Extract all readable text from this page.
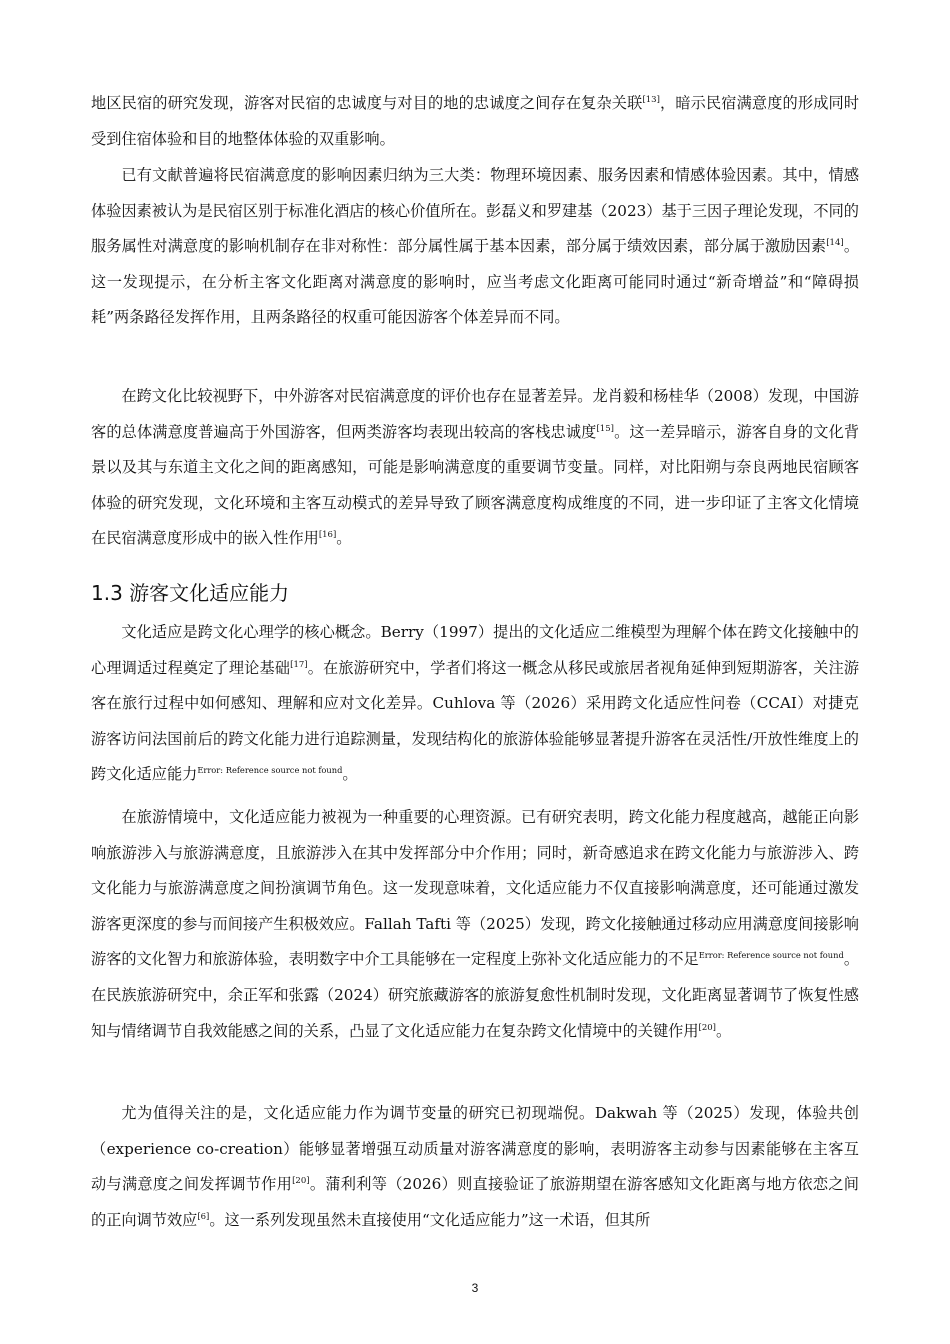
地区民宿的研究发现，游客对民宿的忠诚度与对目的地的忠诚度之间存在复杂关联[13]，暗示民宿满意度的形成同时受到住宿体验和目的地整体体验的双重影响。

已有文献普遍将民宿满意度的影响因素归纳为三大类：物理环境因素、服务因素和情感体验因素。其中，情感体验因素被认为是民宿区别于标准化酒店的核心价值所在。彭磊义和罗建基（2023）基于三因子理论发现，不同的服务属性对满意度的影响机制存在非对称性：部分属性属于基本因素，部分属于绩效因素，部分属于激励因素[14]。这一发现提示，在分析主客文化距离对满意度的影响时，应当考虑文化距离可能同时通过“新奇增益”和“障碍损耗”两条路径发挥作用，且两条路径的权重可能因游客个体差异而不同。

在跨文化比较视野下，中外游客对民宿满意度的评价也存在显著差异。龙肖毅和杨桂华（2008）发现，中国游客的总体满意度普遍高于外国游客，但两类游客均表现出较高的客栈忠诚度[15]。这一差异暗示，游客自身的文化背景以及其与东道主文化之间的距离感知，可能是影响满意度的重要调节变量。同样，对比阳朔与奈良两地民宿顾客体验的研究发现，文化环境和主客互动模式的差异导致了顾客满意度构成维度的不同，进一步印证了主客文化情境在民宿满意度形成中的嵌入性作用[16]。

1.3 游客文化适应能力

文化适应是跨文化心理学的核心概念。Berry（1997）提出的文化适应二维模型为理解个体在跨文化接触中的心理调适过程奠定了理论基础[17]。在旅游研究中，学者们将这一概念从移民或旅居者视角延伸到短期游客，关注游客在旅行过程中如何感知、理解和应对文化差异。Cuhlova 等（2026）采用跨文化适应性问卷（CCAI）对捷克游客访问法国前后的跨文化能力进行追踪测量，发现结构化的旅游体验能够显著提升游客在灵活性/开放性维度上的跨文化适应能力$^{Error: Reference source not found}$。

在旅游情境中，文化适应能力被视为一种重要的心理资源。已有研究表明，跨文化能力程度越高，越能正向影响旅游涉入与旅游满意度，且旅游涉入在其中发挥部分中介作用；同时，新奇感追求在跨文化能力与旅游涉入、跨文化能力与旅游满意度之间扮演调节角色。这一发现意味着，文化适应能力不仅直接影响满意度，还可能通过激发游客更深度的参与而间接产生积极效应。Fallah Tafti 等（2025）发现，跨文化接触通过移动应用满意度间接影响游客的文化智力和旅游体验，表明数字中介工具能够在一定程度上弥补文化适应能力的不足$^{Error: Reference source not found}$。在民族旅游研究中，余正军和张露（2024）研究旅藏游客的旅游复愈性机制时发现，文化距离显著调节了恢复性感知与情绪调节自我效能感之间的关系，凸显了文化适应能力在复杂跨文化情境中的关键作用[20]。

尤为值得关注的是，文化适应能力作为调节变量的研究已初现端倪。Dakwah 等（2025）发现，体验共创（experience co-creation）能够显著增强互动质量对游客满意度的影响，表明游客主动参与因素能够在主客互动与满意度之间发挥调节作用[20]。蒲利利等（2026）则直接验证了旅游期望在游客感知文化距离与地方依恋之间的正向调节效应[6]。这一系列发现虽然未直接使用“文化适应能力”这一术语，但其所

3
